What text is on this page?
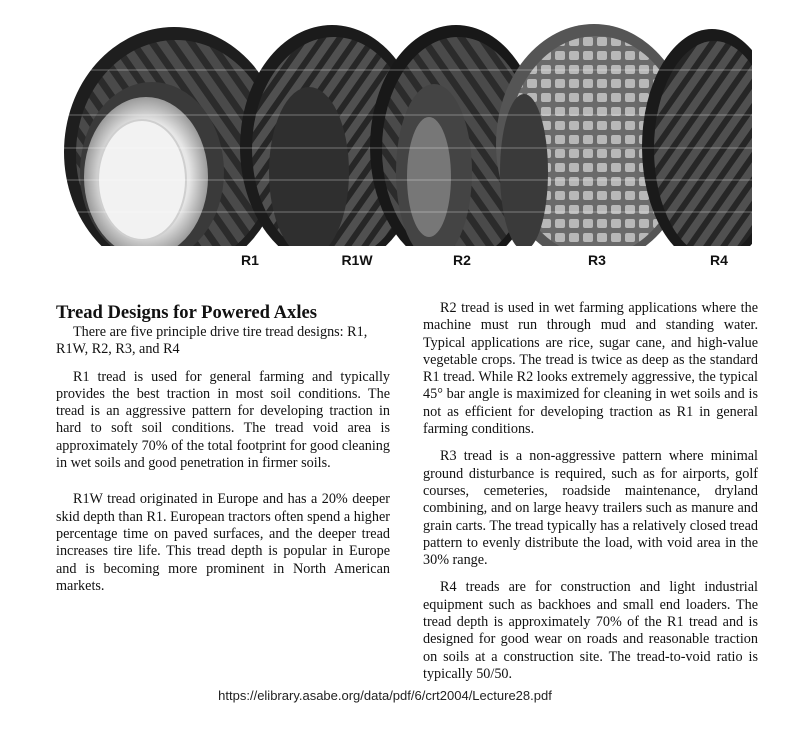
R1	R1W	R2	R3	R4

Tread Designs for Powered Axles

There are five principle drive tire tread designs: R1, R1W, R2, R3, and R4

R1 tread is used for general farming and typically provides the best traction in most soil conditions. The tread is an aggressive pattern for developing traction in hard to soft soil conditions. The tread void area is approximately 70% of the total footprint for good cleaning in wet soils and good penetration in firmer soils.

R1W tread originated in Europe and has a 20% deeper skid depth than R1. European tractors often spend a higher percentage time on paved surfaces, and the deeper tread increases tire life. This tread depth is popular in Europe and is becoming more prominent in North American markets.

R2 tread is used in wet farming applications where the machine must run through mud and standing water. Typical applications are rice, sugar cane, and high-value vegetable crops. The tread is twice as deep as the standard R1 tread. While R2 looks extremely aggressive, the typical 45° bar angle is maximized for cleaning in wet soils and is not as efficient for developing traction as R1 in general farming conditions.

R3 tread is a non-aggressive pattern where minimal ground disturbance is required, such as for airports, golf courses, cemeteries, roadside maintenance, dryland combining, and on large heavy trailers such as manure and grain carts. The tread typically has a relatively closed tread pattern to evenly distribute the load, with void area in the 30% range.

R4 treads are for construction and light industrial equipment such as backhoes and small end loaders. The tread depth is approximately 70% of the R1 tread and is designed for good wear on roads and reasonable traction on soils at a construction site. The tread-to-void ratio is typically 50/50.

https://elibrary.asabe.org/data/pdf/6/crt2004/Lecture28.pdf
